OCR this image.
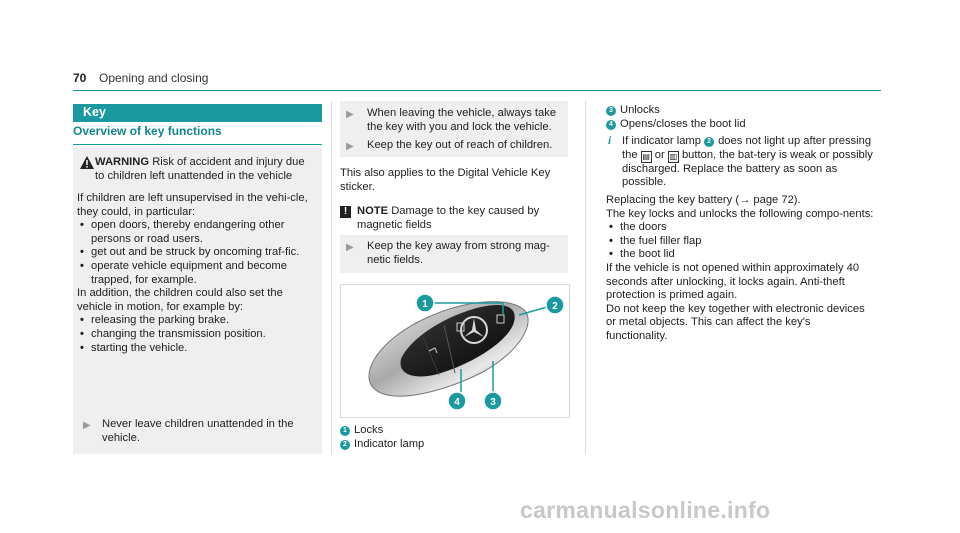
70 Opening and closing
Key
Overview of key functions
WARNING Risk of accident and injury due to children left unattended in the vehicle
If children are left unsupervised in the vehi-cle, they could, in particular:
• open doors, thereby endangering other persons or road users.
• get out and be struck by oncoming traf-fic.
• operate vehicle equipment and become trapped, for example.
In addition, the children could also set the vehicle in motion, for example by:
• releasing the parking brake.
• changing the transmission position.
• starting the vehicle.
▶ Never leave children unattended in the vehicle.
▶ When leaving the vehicle, always take the key with you and lock the vehicle.
▶ Keep the key out of reach of children.
This also applies to the Digital Vehicle Key sticker.
! NOTE Damage to the key caused by magnetic fields
▶ Keep the key away from strong mag-netic fields.
1	2
3
4
1 Locks
2 Indicator lamp

3 Unlocks

4 Opens/closes the boot lid

i If indicator lamp 2 does not light up after pressing the ▤ or ▥ button, the bat-tery is weak or possibly discharged. Replace the battery as soon as possible.

Replacing the key battery (→ page 72).

The key locks and unlocks the following compo-nents:

• the doors
• the fuel filler flap
• the boot lid

If the vehicle is not opened within approximately 40 seconds after unlocking, it locks again. Anti-theft protection is primed again.

Do not keep the key together with electronic devices or metal objects. This can affect the key's functionality.

carmanualsonline.info
